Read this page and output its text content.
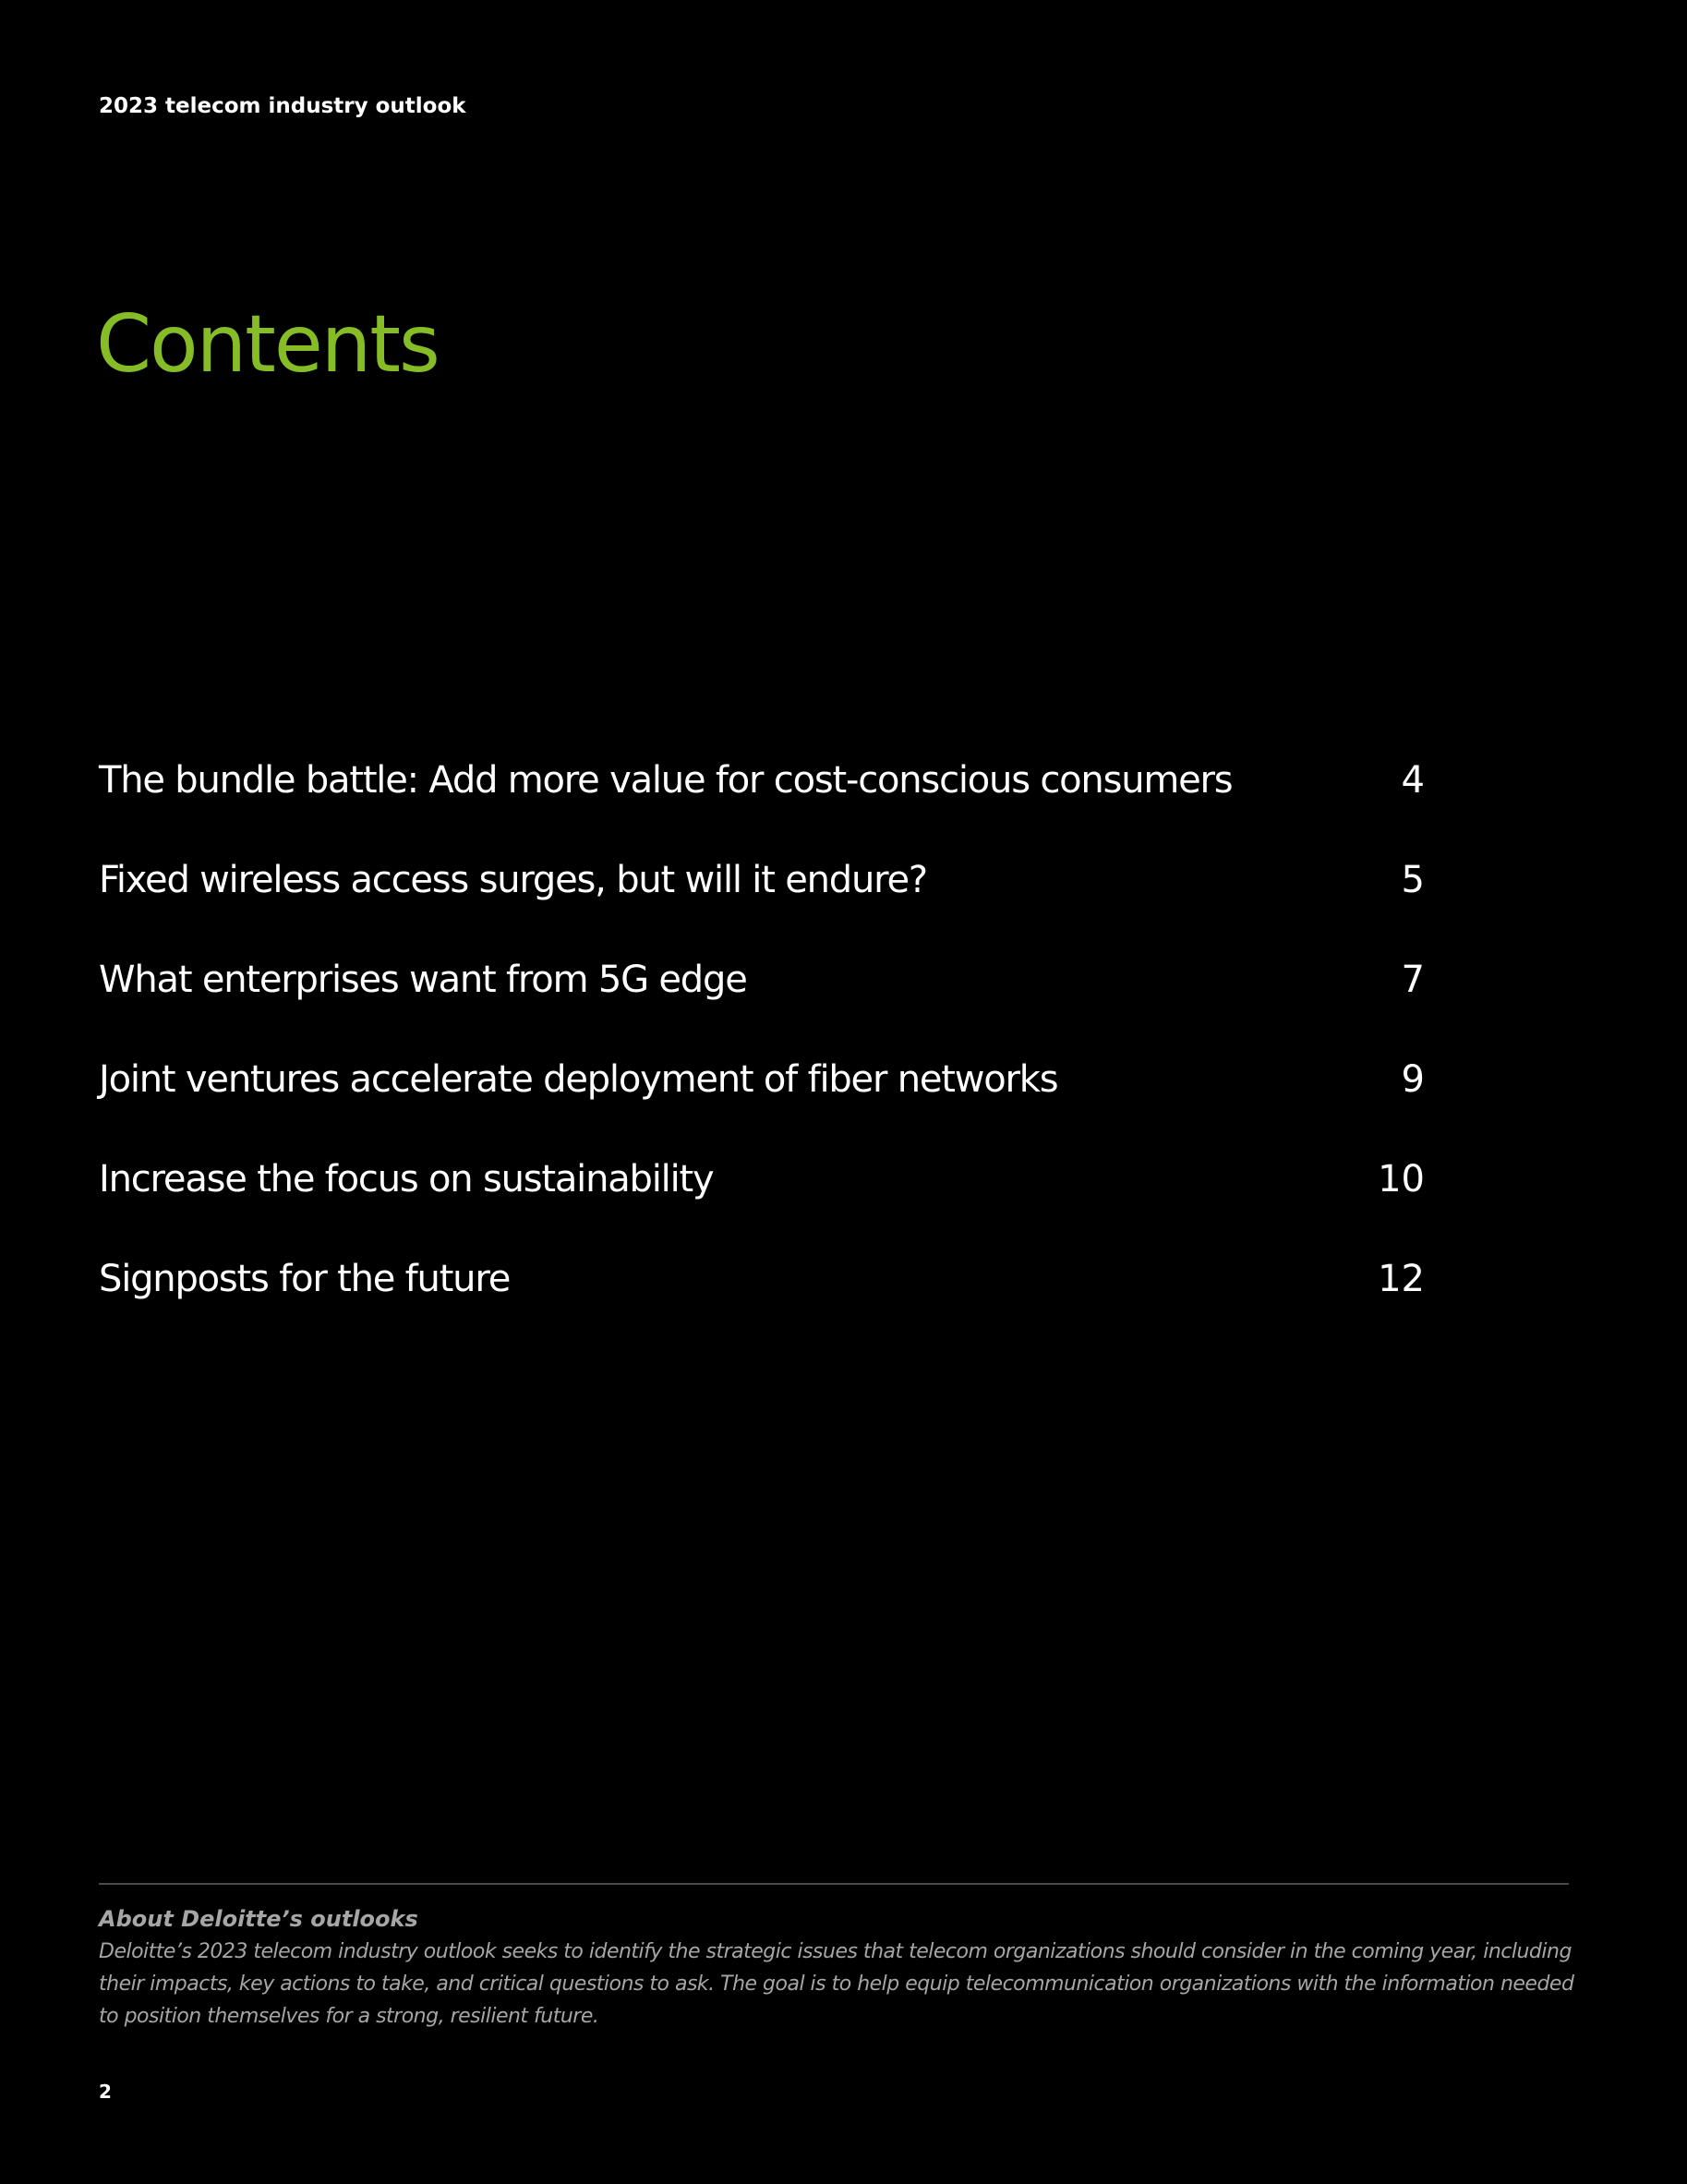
2023 telecom industry outlook
Contents
The bundle battle: Add more value for cost-conscious consumers	4
Fixed wireless access surges, but will it endure?	5
What enterprises want from 5G edge	7
Joint ventures accelerate deployment of fiber networks	9
Increase the focus on sustainability	10
Signposts for the future	12
About Deloitte’s outlooks
Deloitte’s 2023 telecom industry outlook seeks to identify the strategic issues that telecom organizations should consider in the coming year, including their impacts, key actions to take, and critical questions to ask. The goal is to help equip telecommunication organizations with the information needed to position themselves for a strong, resilient future.
2
